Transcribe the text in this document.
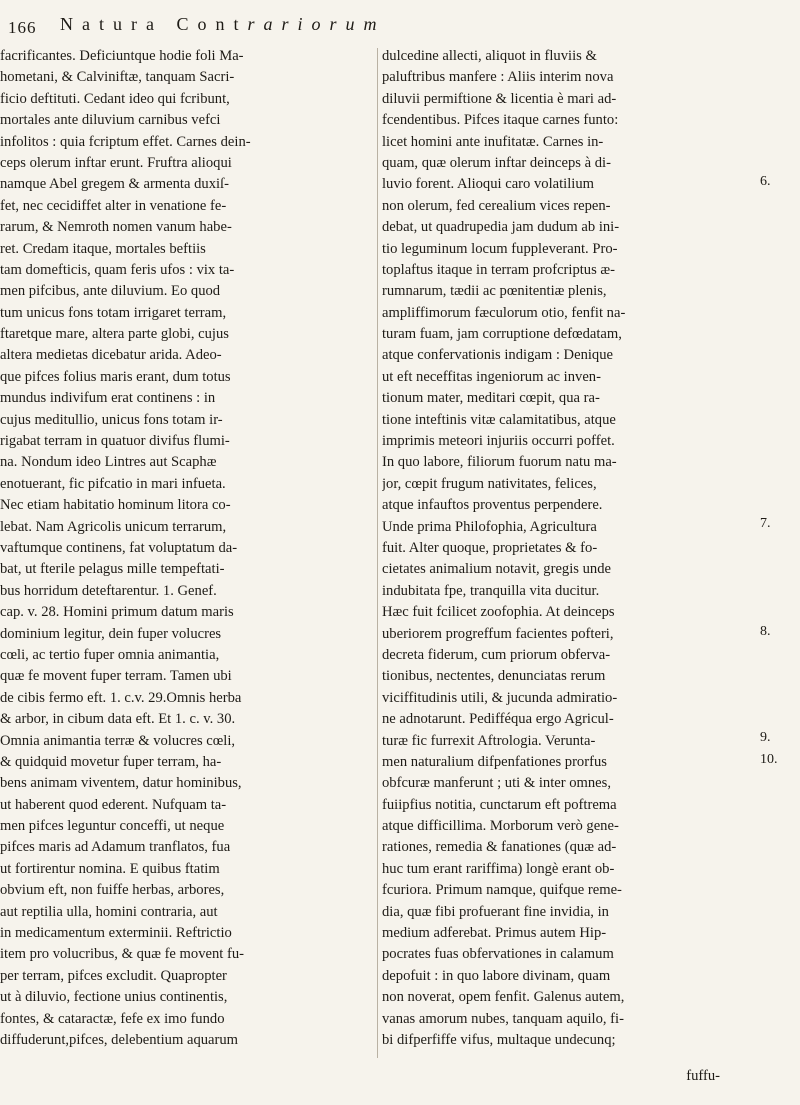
166 Natura Contrariorum
facrificantes. Deficiuntque hodie foli Ma-
hometani, & Calviniftæ, tanquam Sacri-
ficio deftituti. Cedant ideo qui fcribunt,
mortales ante diluvium carnibus vefci
infolitos : quia fcriptum effet. Carnes dein-
ceps olerum inftar erunt. Fruftra alioqui
namque Abel gregem & armenta duxiſ-
fet, nec cecidiffet alter in venatione fe-
rarum, & Nemroth nomen vanum habe-
ret. Credam itaque, mortales beftiis
tam domefticis, quam feris ufos : vix ta-
men pifcibus, ante diluvium. Eo quod
tum unicus fons totam irrigaret terram,
ftaretque mare, altera parte globi, cujus
altera medietas dicebatur arida. Adeo-
que pifces folius maris erant, dum totus
mundus indivifum erat continens : in
cujus meditullio, unicus fons totam ir-
rigabat terram in quatuor divifus flumi-
na. Nondum ideo Lintres aut Scaphæ
enotuerant, fic pifcatio in mari infueta.
Nec etiam habitatio hominum litora co-
lebat. Nam Agricolis unicum terrarum,
vaftumque continens, fat voluptatum da-
bat, ut fterile pelagus mille tempeftati-
bus horridum deteftarentur. 1. Genef.
cap. v. 28. Homini primum datum maris
dominium legitur, dein fuper volucres
cœli, ac tertio fuper omnia animantia,
quæ fe movent fuper terram. Tamen ubi
de cibis fermo eft. 1. c.v. 29.Omnis herba
& arbor, in cibum data eft. Et 1. c. v. 30.
Omnia animantia terræ & volucres cœli,
& quidquid movetur fuper terram, ha-
bens animam viventem, datur hominibus,
ut haberent quod ederent. Nufquam ta-
men pifces leguntur conceffi, ut neque
pifces maris ad Adamum tranflatos, fua
ut fortirentur nomina. E quibus ftatim
obvium eft, non fuiffe herbas, arbores,
aut reptilia ulla, homini contraria, aut
in medicamentum exterminii. Reftrictio
item pro volucribus, & quæ fe movent fu-
per terram, pifces excludit. Quapropter
ut à diluvio, fectione unius continentis,
fontes, & cataractæ, fefe ex imo fundo
diffuderunt,pifces, delebentium aquarum
dulcedine allecti, aliquot in fluviis &
paluftribus manfere : Aliis interim nova
diluvii permiftione & licentia è mari ad-
fcendentibus. Pifces itaque carnes funto:
licet homini ante inufitatæ. Carnes in-
quam, quæ olerum inftar deinceps à di-
luvio forent. Alioqui caro volatilium
non olerum, fed cerealium vices repen-
debat, ut quadrupedia jam dudum ab ini-
tio leguminum locum fuppleverant. Pro-
toplaftus itaque in terram profcriptus æ-
rumnarum, tædii ac pœnitentiæ plenis,
ampliffimorum fæculorum otio, fenfit na-
turam fuam, jam corruptione defœdatam,
atque confervationis indigam : Denique
ut eft neceffitas ingeniorum ac inven-
tionum mater, meditari cœpit, qua ra-
tione inteftinis vitæ calamitatibus, atque
imprimis meteori injuriis occurri poffet.
In quo labore, filiorum fuorum natu ma-
jor, cœpit frugum nativitates, felices,
atque infauftos proventus perpendere.
Unde prima Philofophia, Agricultura
fuit. Alter quoque, proprietates & fo-
cietates animalium notavit, gregis unde
indubitata fpe, tranquilla vita ducitur.
Hæc fuit fcilicet zoofophia. At deinceps
uberiorem progreffum facientes pofteri,
decreta fiderum, cum priorum obferva-
tionibus, nectentes, denunciatas rerum
viciffitudinis utili, & jucunda admiratio-
ne adnotarunt. Pedifféqua ergo Agricul-
turæ fic furrexit Aftrologia. Verunta-
men naturalium difpenfationes prorfus
obfcuræ manferunt ; uti & inter omnes,
fuiipfius notitia, cunctarum eft poftrema
atque difficillima. Morborum verò gene-
rationes, remedia & fanationes (quæ ad-
huc tum erant rariffima) longè erant ob-
fcuriora. Primum namque, quifque reme-
dia, quæ fibi profuerant fine invidia, in
medium adferebat. Primus autem Hip-
pocrates fuas obfervationes in calamum
depofuit : in quo labore divinam, quam
non noverat, opem fenfit. Galenus autem,
vanas amorum nubes, tanquam aquilo, fi-
bi difperfiffe vifus, multaque undecunq;
6.
7.
8.
9.
10.
fuffu-
